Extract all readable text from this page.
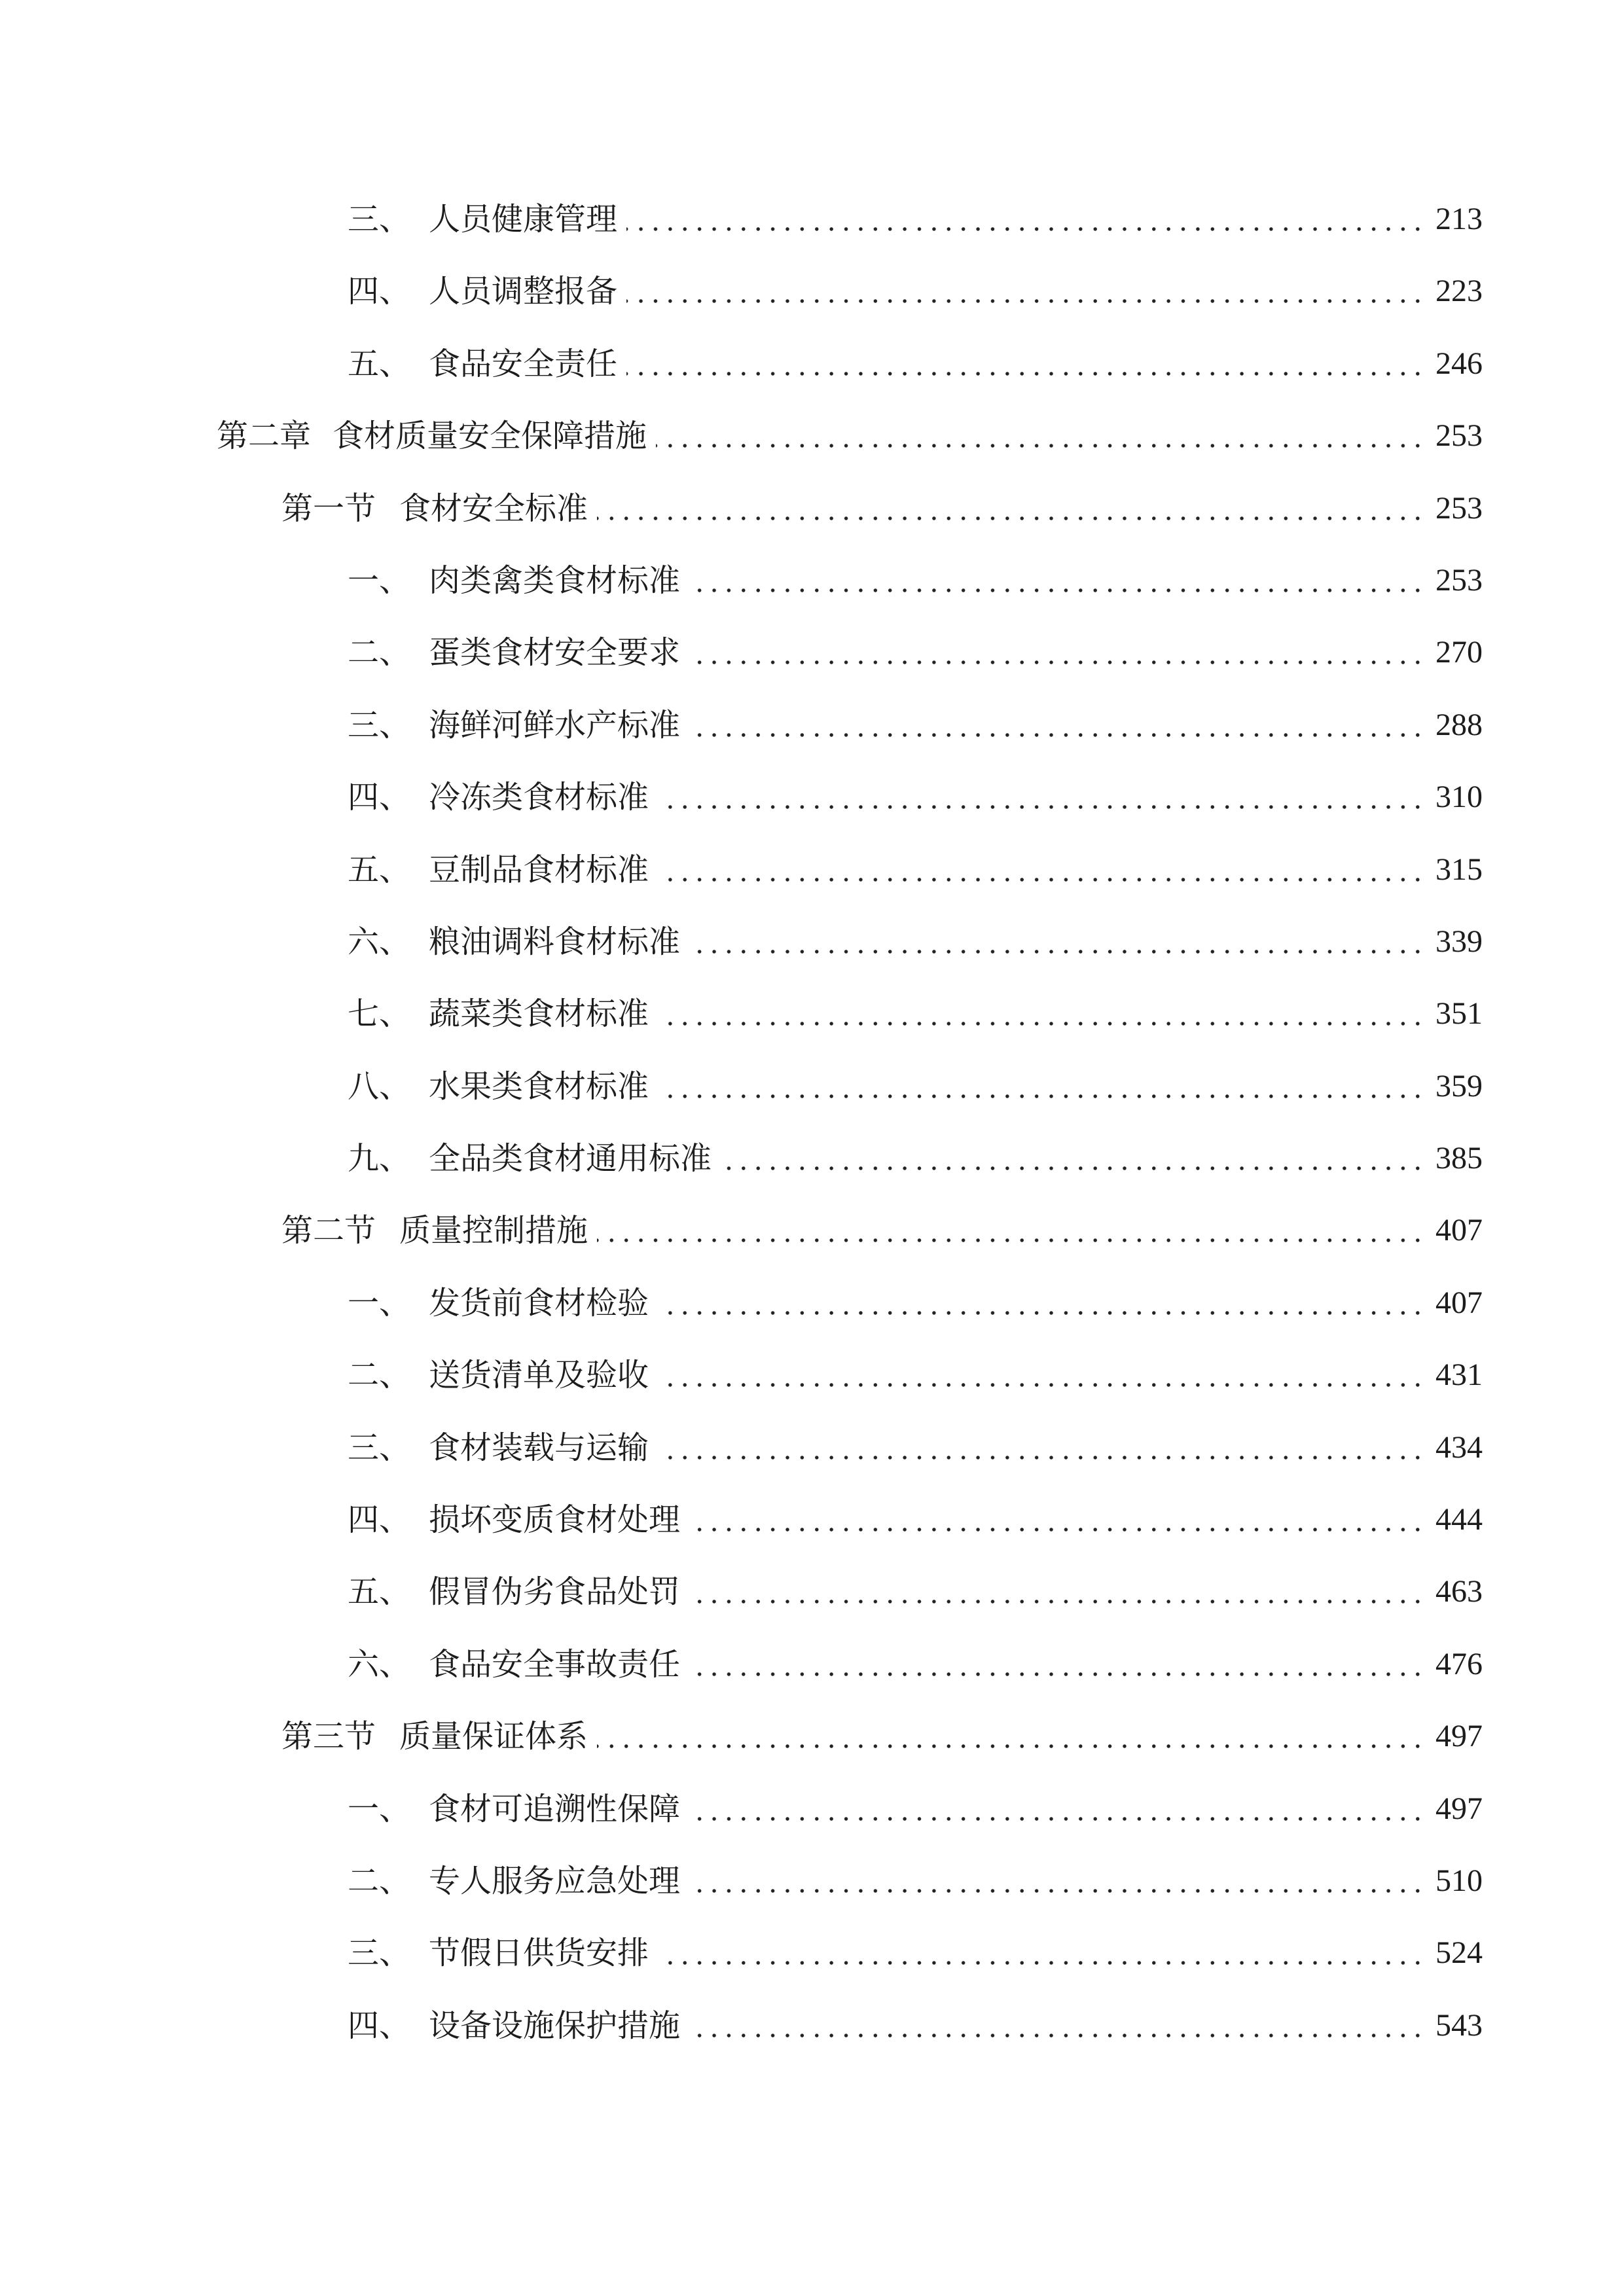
三、 人员健康管理	213
四、 人员调整报备	223
五、 食品安全责任	246
第二章 食材质量安全保障措施	253
第一节 食材安全标准	253
一、 肉类禽类食材标准	253
二、 蛋类食材安全要求	270
三、 海鲜河鲜水产标准	288
四、 冷冻类食材标准	310
五、 豆制品食材标准	315
六、 粮油调料食材标准	339
七、 蔬菜类食材标准	351
八、 水果类食材标准	359
九、 全品类食材通用标准	385
第二节 质量控制措施	407
一、 发货前食材检验	407
二、 送货清单及验收	431
三、 食材装载与运输	434
四、 损坏变质食材处理	444
五、 假冒伪劣食品处罚	463
六、 食品安全事故责任	476
第三节 质量保证体系	497
一、 食材可追溯性保障	497
二、 专人服务应急处理	510
三、 节假日供货安排	524
四、 设备设施保护措施	543
